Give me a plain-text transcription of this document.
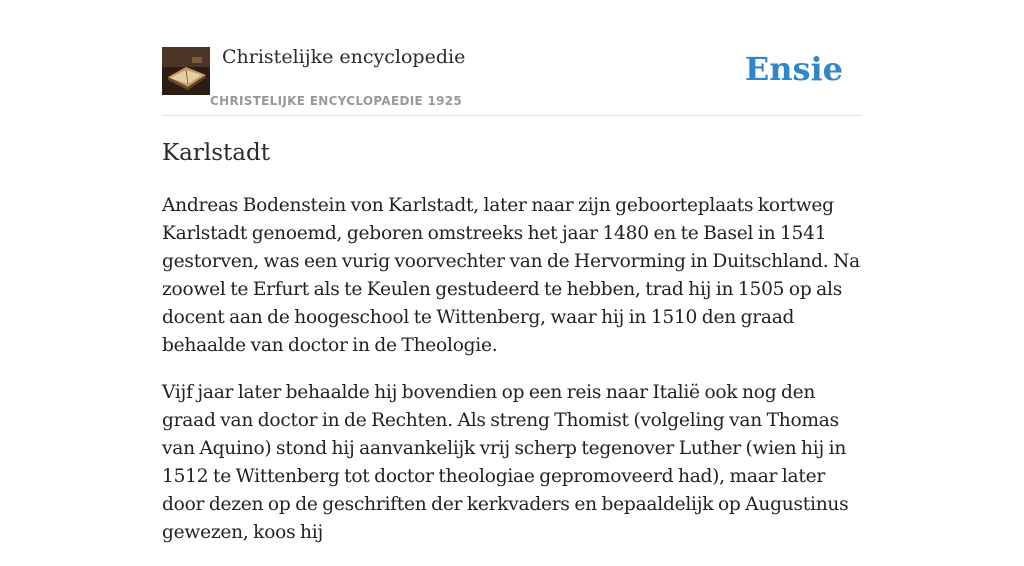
Christelijke encyclopedie
CHRISTELIJKE ENCYCLOPAEDIE 1925
Ensie
Karlstadt

Andreas Bodenstein von Karlstadt, later naar zijn geboorteplaats kortweg Karlstadt genoemd, geboren omstreeks het jaar 1480 en te Basel in 1541 gestorven, was een vurig voorvechter van de Hervorming in Duitschland. Na zoowel te Erfurt als te Keulen gestudeerd te hebben, trad hij in 1505 op als docent aan de hoogeschool te Wittenberg, waar hij in 1510 den graad behaalde van doctor in de Theologie.

Vijf jaar later behaalde hij bovendien op een reis naar Italië ook nog den graad van doctor in de Rechten. Als streng Thomist (volgeling van Thomas van Aquino) stond hij aanvankelijk vrij scherp tegenover Luther (wien hij in 1512 te Wittenberg tot doctor theologiae gepromoveerd had), maar later door dezen op de geschriften der kerkvaders en bepaaldelijk op Augustinus gewezen, koos hij
